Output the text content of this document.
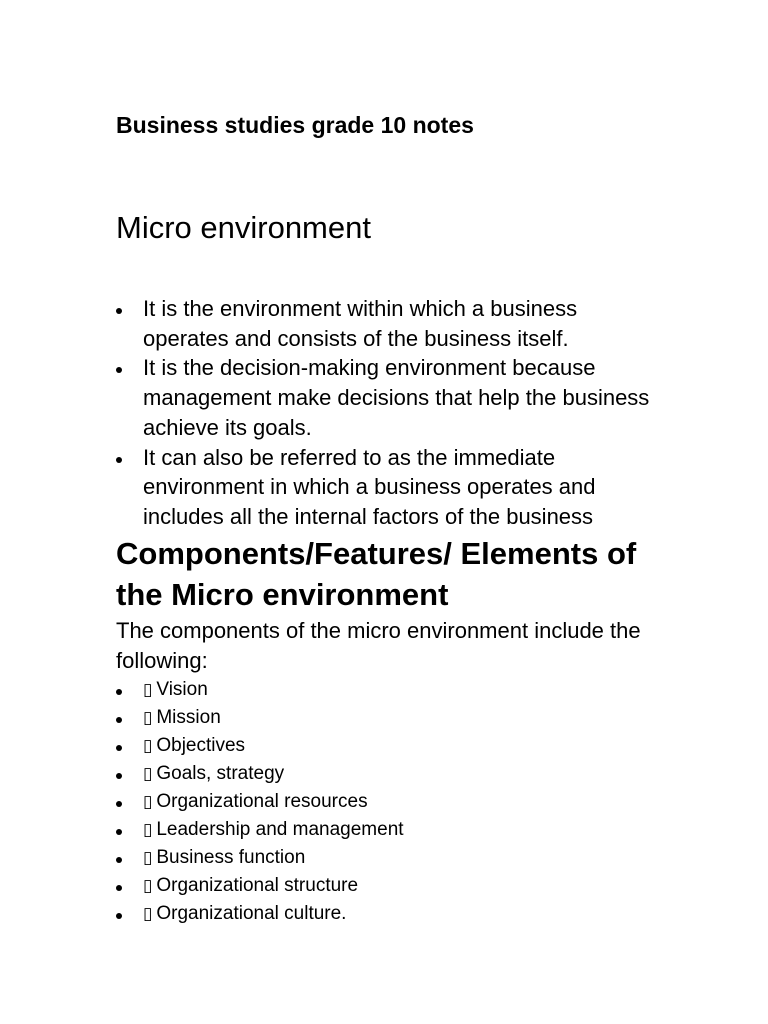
Business studies grade 10 notes
Micro environment
It is the environment within which a business operates and consists of the business itself.
It is the decision-making environment because management make decisions that help the business achieve its goals.
It can also be referred to as the immediate environment in which a business operates and includes all the internal factors of the business
Components/Features/ Elements of the Micro environment

The components of the micro environment include the following:

▯ Vision
▯ Mission
▯ Objectives
▯ Goals, strategy
▯ Organizational resources
▯ Leadership and management
▯ Business function
▯ Organizational structure
▯ Organizational culture.
